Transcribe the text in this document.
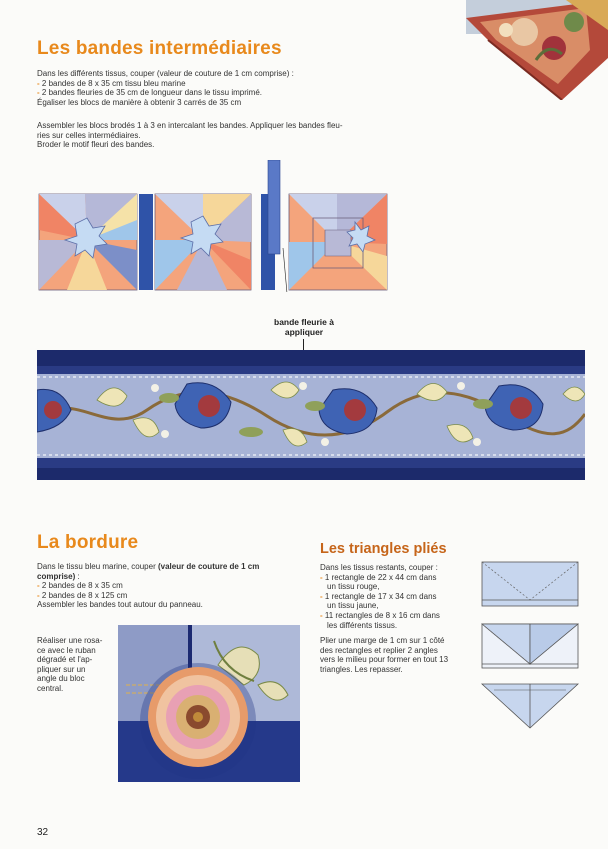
Les bandes intermédiaires
Dans les différents tissus, couper (valeur de couture de 1 cm comprise) :
- 2 bandes de 8 x 35 cm tissu bleu marine
- 2 bandes fleuries de 35 cm de longueur dans le tissu imprimé.
Égaliser les blocs de manière à obtenir 3 carrés de 35 cm
Assembler les blocs brodés 1 à 3 en intercalant les bandes. Appliquer les bandes fleu-
ries sur celles intermédiaires.
Broder le motif fleuri des bandes.
bande fleurie à
appliquer
La bordure
Dans le tissu bleu marine, couper (valeur de couture de 1 cm
comprise) :
- 2 bandes de 8 x 35 cm
- 2 bandes de 8 x 125 cm
Assembler les bandes tout autour du panneau.
Réaliser une rosa-
ce avec le ruban
dégradé et l'ap-
pliquer sur un
angle du bloc
central.
Les triangles pliés
Dans les tissus restants, couper :
- 1 rectangle de 22 x 44 cm dans
un tissu rouge,
- 1 rectangle de 17 x 34 cm dans
un tissu jaune,
- 11 rectangles de 8 x 16 cm dans
les différents tissus.
Plier une marge de 1 cm sur 1 côté
des rectangles et replier 2 angles
vers le milieu pour former en tout 13
triangles. Les repasser.
32
